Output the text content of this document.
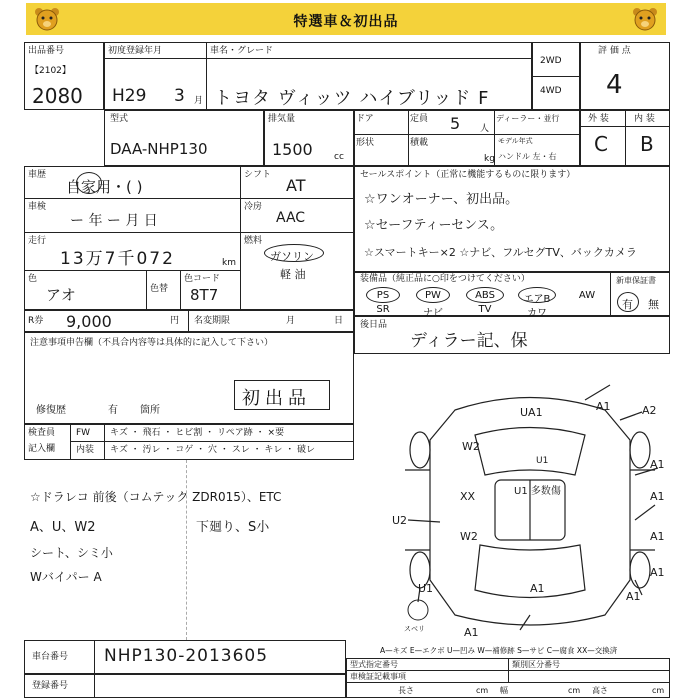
特選車＆初出品
出品番号
【2102】
2080
初度登録年月	車名・グレード
H29 3 月 トヨタ ヴィッツ ハイブリッド F
2WD
4WD
評 価 点
4
型式
DAA-NHP130
排気量
1500 cc
ドア	定員 5 人
ディーラー・並行
形状	積載
kg
モデル年式
ハンドル 左・右
外 装	内 装
C B
車歴
自家用・( )
シフト
AT
車検
ー 年 ー 月 日
冷房
AAC
走行
13万7千072	km
燃料
ガソリン
軽 油
色
アオ	色替
色コード
8T7
R券 9,000	円 名変期限	月	日
セールスポイント（正常に機能するものに限ります）
☆ワンオーナー、初出品。
☆セーフティーセンス。
☆スマートキー×2 ☆ナビ、フルセグTV、バックカメラ
装備品（純正品に○印をつけてください）	新車保証書
PS	PW	ABS	エアB	AW
SR	ナビ	TV	カワ
有 無
後日品
ディラー記、保
注意事項申告欄（不具合内容等は具体的に記入して下さい）
初出品
修復歴	有 箇所
検査員
記入欄
FW
内装
キズ ・ 飛石 ・ ヒビ割 ・ リペア跡 ・ ×要
キズ ・ 汚レ ・ コゲ ・ 穴 ・ スレ ・ キレ ・ 破レ
☆ドラレコ 前後（コムテック ZDR015）、ETC
A、U、W2	下廻り、S小
シート、シミ小
Wバイパー A
A1	A2
UA1
A1
A1
W2
U1
XX
U2
W2	A1
A1
U1	A1
A1
A1
U1 多数傷
スベリ
A—キズ E—エクボ U—凹み W—補修跡 S—サビ C—腐食 XX—交換済
車台番号 NHP130-2013605
登録番号
型式指定番号	類別区分番号
車検証記載事項
長さ	cm 幅	cm 高さ	cm
